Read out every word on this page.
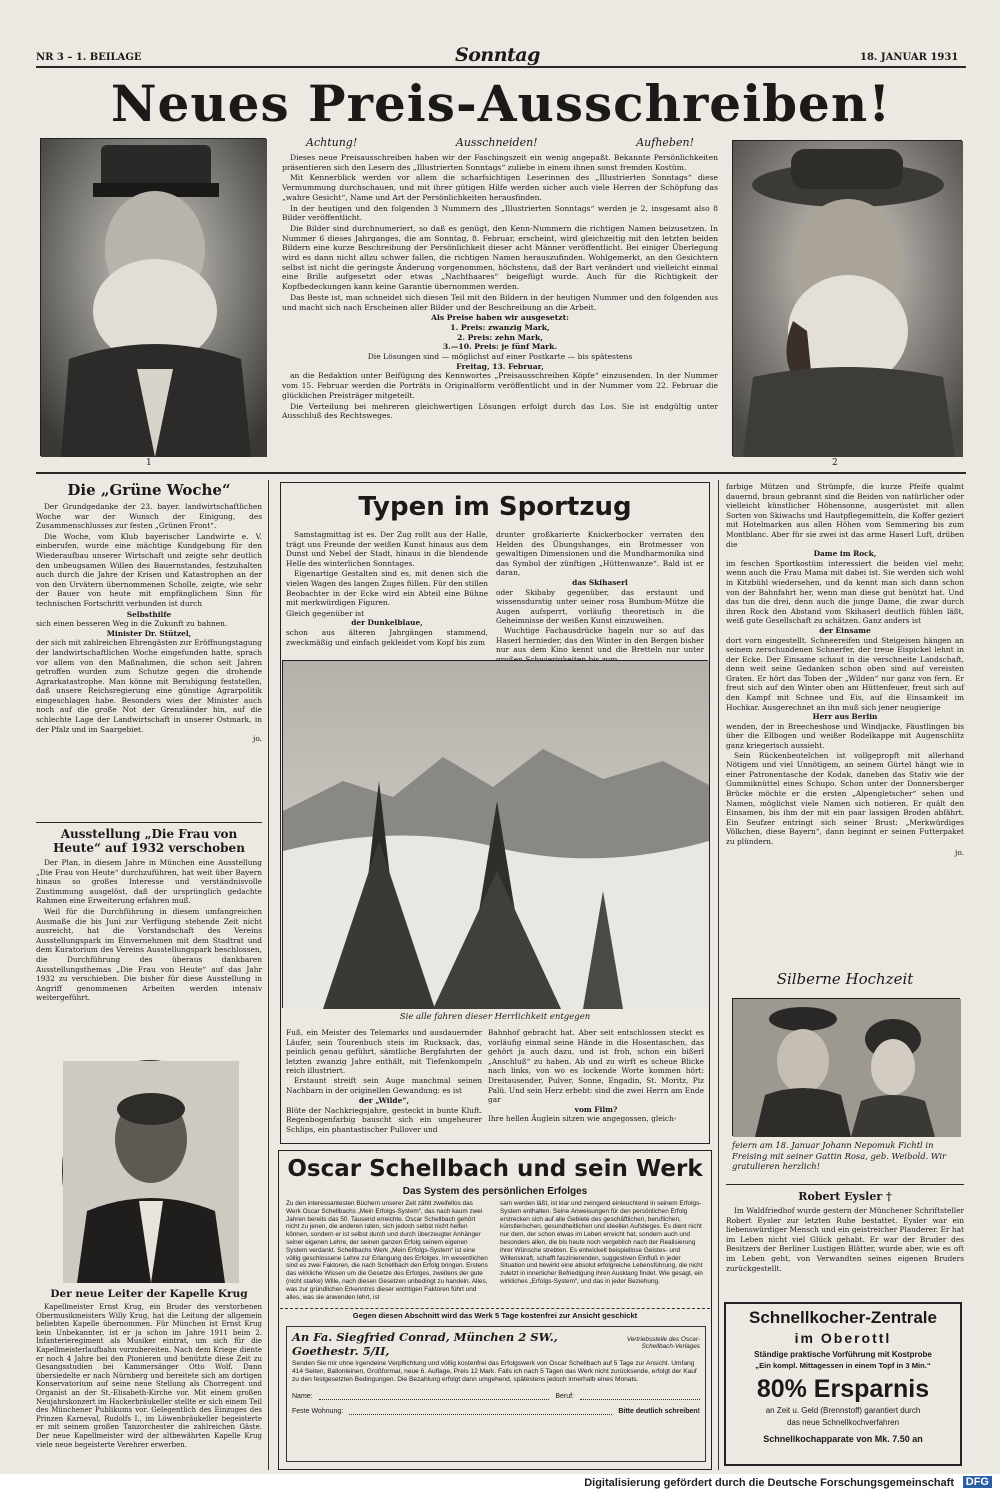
NR 3 – 1. BEILAGE	Sonntag	18. JANUAR 1931
Neues Preis-Ausschreiben!
1	2
Achtung!	Ausschneiden!	Aufheben!

Dieses neue Preisausschreiben haben wir der Faschingszeit ein wenig angepaßt. Bekannte Persönlichkeiten präsentieren sich den Lesern des „Illustrierten Sonntags“ zuliebe in einem ihnen sonst fremden Kostüm.

Mit Kennerblick werden vor allem die scharfsichtigen Leserinnen des „Illustrierten Sonntags“ diese Vermummung durchschauen, und mit ihrer gütigen Hilfe werden sicher auch viele Herren der Schöpfung das „wahre Gesicht“, Name und Art der Persönlichkeiten herausfinden.

In der heutigen und den folgenden 3 Nummern des „Illustrierten Sonntags“ werden je 2, insgesamt also 8 Bilder veröffentlicht.

Die Bilder sind durchnumeriert, so daß es genügt, den Kenn-Nummern die richtigen Namen beizusetzen. In Nummer 6 dieses Jahrganges, die am Sonntag, 8. Februar, erscheint, wird gleichzeitig mit den letzten beiden Bildern eine kurze Beschreibung der Persönlichkeit dieser acht Männer veröffentlicht. Bei einiger Überlegung wird es dann nicht allzu schwer fallen, die richtigen Namen herauszufinden. Wohlgemerkt, an den Gesichtern selbst ist nicht die geringste Änderung vorgenommen, höchstens, daß der Bart verändert und vielleicht einmal eine Brille aufgesetzt oder etwas „Nachthaares“ beigefügt wurde. Auch für die Richtigkeit der Kopfbedeckungen kann keine Garantie übernommen werden.

Das Beste ist, man schneidet sich diesen Teil mit den Bildern in der heutigen Nummer und den folgenden aus und macht sich nach Erscheinen aller Bilder und der Beschreibung an die Arbeit.

Als Preise haben wir ausgesetzt:
1. Preis: zwanzig Mark,
2. Preis: zehn Mark,
3.—10. Preis: je fünf Mark.
Die Lösungen sind — möglichst auf einer Postkarte — bis spätestens
Freitag, 13. Februar,

an die Redaktion unter Beifügung des Kennwortes „Preisausschreiben Köpfe“ einzusenden. In der Nummer vom 15. Februar werden die Porträts in Originalform veröffentlicht und in der Nummer vom 22. Februar die glücklichen Preisträger mitgeteilt.

Die Verteilung bei mehreren gleichwertigen Lösungen erfolgt durch das Los. Sie ist endgültig unter Ausschluß des Rechtsweges.

Die „Grüne Woche“

Der Grundgedanke der 23. bayer. landwirtschaftlichen Woche war der Wunsch der Einigung, des Zusammenschlusses zur festen „Grünen Front“.

Die Woche, vom Klub bayerischer Landwirte e. V. einberufen, wurde eine mächtige Kundgebung für den Wiederaufbau unserer Wirtschaft und zeigte sehr deutlich den unbeugsamen Willen des Bauernstandes, festzuhalten auch durch die Jahre der Krisen und Katastrophen an der von den Urvätern übernommenen Scholle, zeigte, wie sehr der Bauer von heute mit empfänglichem Sinn für technischen Fortschritt verbunden ist durch

Selbsthilfe
sich einen besseren Weg in die Zukunft zu bahnen.
Minister Dr. Stützel,
der sich mit zahlreichen Ehrengästen zur Eröffnungstagung der landwirtschaftlichen Woche eingefunden hatte, sprach vor allem von den Maßnahmen, die schon seit Jahren getroffen wurden zum Schutze gegen die drohende Agrarkatastrophe. Man könne mit Beruhigung feststellen, daß unsere Reichsregierung eine günstige Agrarpolitik eingeschlagen habe. Besonders wies der Minister auch noch auf die große Not der Grenzländer hin, auf die schlechte Lage der Landwirtschaft in unserer Ostmark, in der Pfalz und im Saargebiet.
jo.
Ausstellung „Die Frau von Heute“ auf 1932 verschoben

Der Plan, in diesem Jahre in München eine Ausstellung „Die Frau von Heute“ durchzuführen, hat weit über Bayern hinaus so großes Interesse und verständnisvolle Zustimmung ausgelöst, daß der ursprünglich gedachte Rahmen eine Erweiterung erfahren muß.

Weil für die Durchführung in diesem umfangreichen Ausmaße die bis Juni zur Verfügung stehende Zeit nicht ausreicht, hat die Vorstandschaft des Vereins Ausstellungspark im Einvernehmen mit dem Stadtrat und dem Kuratorium des Vereins Ausstellungspark beschlossen, die Durchführung des überaus dankbaren Ausstellungsthemas „Die Frau von Heute“ auf das Jahr 1932 zu verschieben. Die bisher für diese Ausstellung in Angriff genommenen Arbeiten werden intensiv weitergeführt.

Der neue Leiter der Kapelle Krug

Kapellmeister Ernst Krug, ein Bruder des verstorbenen Obermusikmeisters Willy Krug, hat die Leitung der allgemein beliebten Kapelle übernommen. Für München ist Ernst Krug kein Unbekannter, ist er ja schon im Jahre 1911 beim 2. Infanterieregiment als Musiker eintrat, um sich für die Kapellmeisterlaufbahn vorzubereiten. Nach dem Kriege diente er noch 4 Jahre bei den Pionieren und benützte diese Zeit zu Gesangsstudien bei Kammersänger Otto Wolf. Dann übersiedelte er nach Nürnberg und bereitete sich am dortigen Konservatorium auf seine neue Stellung als Chorregent und Organist an der St.-Elisabeth-Kirche vor. Mit einem großen Neujahrskonzert im Hackerbräukeller stellte er sich einem Teil des Münchener Publikums vor. Gelegentlich des Einzuges des Prinzen Karneval, Rudolfs I., im Löwenbräukeller begeisterte er mit seinem großen Tanzorchester die zahlreichen Gäste. Der neue Kapellmeister wird der altbewährten Kapelle Krug viele neue begeisterte Verehrer erwerben.

Typen im Sportzug

Samstagmittag ist es. Der Zug rollt aus der Halle, trägt uns Freunde der weißen Kunst hinaus aus dem Dunst und Nebel der Stadt, hinaus in die blendende Helle des winterlichen Sonntages.

Eigenartige Gestalten sind es, mit denen sich die vielen Wagen des langen Zuges füllen. Für den stillen Beobachter in der Ecke wird ein Abteil eine Bühne mit merkwürdigen Figuren.

Gleich gegenüber ist
der Dunkelblaue,
schon aus älteren Jahrgängen stammend, zweckmäßig und einfach gekleidet vom Kopf bis zum
drunter großkarierte Knickerbocker verraten den Helden des Übungshanges, ein Brotmesser von gewaltigen Dimensionen und die Mundharmonika sind das Symbol der zünftigen „Hüttenwanze“. Bald ist er daran,
das Skihaserl
oder Skibaby gegenüber, das erstaunt und wissensdurstig unter seiner rosa Bumbum-Mütze die Augen aufsperrt, vorläufig theoretisch in die Geheimnisse der weißen Kunst einzuweihen.

Wuchtige Fachausdrücke hageln nur so auf das Haserl hernieder, das den Winter in den Bergen bisher nur aus dem Kino kennt und die Bretteln nur unter

Sie alle fahren dieser Herrlichkeit entgegen
Fuß, ein Meister des Telemarks und ausdauernder Läufer, sein Tourenbuch steis im Rucksack, das, peinlich genau geführt, sämtliche Bergfahrten der letzten zwanzig Jahre enthält, mit Tiefenkompeln reich illustriert.

Erstaunt streift sein Auge manchmal seinen Nachbarn in der originellen Gewandung: es ist

der „Wilde“,
Blüte der Nachkriegsjahre, gesteckt in bunte Kluft. Regenbogenfarbig bauscht sich ein ungeheurer Schlips, ein phantastischer Pullover und
Bahnhof gebracht hat. Aber seit entschlossen steckt es vorläufig einmal seine Hände in die Hosentaschen, das gehört ja auch dazu, und ist froh, schon ein bißerl „Anschluß“ zu haben. Ab und zu wirft es scheue Blicke nach links, von wo es lockende Worte kommen hört: Dreitausender, Pulver, Sonne, Engadin, St. Moritz, Piz Palü. Und sein Herz erbebt: sind die zwei Herrn am Ende gar
vom Film?
Ihre hellen Äuglein sitzen wie angegossen, gleich-
farbige Mützen und Strümpfe, die kurze Pfeife qualmt dauernd, braun gebrannt sind die Beiden von natürlicher oder vielleicht künstlicher Höhensonne, ausgerüstet mit allen Sorten von Skiwachs und Hautpflegemitteln, die Koffer geziert mit Hotelmarken aus allen Höhen vom Semmering bis zum Montblanc. Aber für sie zwei ist das arme Haserl Luft, drüben die
Dame im Rock,
im feschen Sportkostüm interessiert die beiden viel mehr, wenn auch die Frau Mama mit dabei ist. Sie werden sich wohl in Kitzbühl wiedersehen, und da kennt man sich dann schon von der Bahnfahrt her, wenn man diese gut benützt hat. Und das tun die drei, denn auch die junge Dame, die zwar durch ihren Rock den Abstand vom Skihaserl deutlich fühlen läßt, weiß gute Gesellschaft zu schätzen. Ganz anders ist
der Einsame
dort vorn eingestellt. Schneereifen und Steigeisen hängen an seinem zerschundenen Schnerfer, der treue Eispickel lehnt in der Ecke. Der Einsame schaut in die verschneite Landschaft, denn weit seine Gedanken schon oben sind auf vereisten Graten. Er hört das Toben der „Wilden“ nur ganz von fern. Er freut sich auf den Winter oben am Hüttenfeuer, freut sich auf den Kampf mit Schnee und Eis, auf die Einsamkeit im Hochkar. Ausgerechnet an ihn muß sich jener neugierige
Herr aus Berlin
wenden, der in Breecheshose und Windjacke, Fäustlingen bis über die Ellbogen und weißer Rodelkappe mit Augenschlitz ganz kriegerisch aussieht.

Sein Rückenbeutelchen ist vollgepropft mit allerhand Nötigem und viel Unnötigem, an seinem Gürtel hängt wie in einer Patronentasche der Kodak, daneben das Stativ wie der Gummiknüttel eines Schupo. Schon unter der Donnersberger Brücke möchte er die ersten „Alpengletscher“ sehen und Namen, möglichst viele Namen sich notieren. Er quält den Einsamen, bis ihm der mit ein paar lassigen Broden abfährt. Ein Seufzer entringt sich seiner Brust: „Merkwürdiges Völkchen, diese Bayern“, dann beginnt er seinen Futterpaket zu plündern.

jo.
Silberne Hochzeit
feiern am 18. Januar Johann Nepomuk Fichtl in Freising mit seiner Gattin Rosa, geb. Weibold. Wir gratulieren herzlich!
Robert Eysler †

Im Waldfriedhof wurde gestern der Münchener Schriftsteller Robert Eysler zur letzten Ruhe bestattet. Eysler war ein liebenswürdiger Mensch und ein geistreicher Plauderer. Er hat im Leben nicht viel Glück gehabt. Er war der Bruder des Besitzers der Berliner Lustigen Blätter, wurde aber, wie es oft im Leben geht, von Verwandten seines eigenen Bruders zurückgestellt.

Oscar Schellbach und sein Werk
Das System des persönlichen Erfolges
Zu den interessantesten Büchern unserer Zeit zählt zweifellos das Werk Oscar Schellbachs „Mein Erfolgs-System“, das nach kaum zwei Jahren bereits das 50. Tausend erreichte. Oscar Schellbach gehört nicht zu jenen, die anderen raten, sich jedoch selbst nicht helfen können, sondern er ist selbst durch und durch überzeugter Anhänger seiner eigenen Lehre, der seinen ganzen Erfolg seinem eigenen System verdankt. Schellbachs Werk „Mein Erfolgs-System“ ist eine völlig geschlossene Lehre zur Erlangung des Erfolges. Im wesentlichen sind es zwei Faktoren, die nach Schellbach den Erfolg bringen. Erstens das wirkliche Wissen um die Gesetze des Erfolges, zweitens der gute (nicht starke) Wille, nach diesen Gesetzen unbedingt zu handeln. Alles, was zur gründlichen Erkenntnis dieser wichtigen Faktoren führt und alles, was sie anwenden lehrt, ist
sam werden läßt, ist klar und zwingend einleuchtend in seinem Erfolgs-System enthalten. Seine Anweisungen für den persönlichen Erfolg erstrecken sich auf alle Gebiete des geschäftlichen, beruflichen, künstlerischen, gesundheitlichen und ideellen Aufstieges. Es dient nicht nur dem, der schon etwas im Leben erreicht hat, sondern auch und besonders allen, die bis heute noch vergeblich nach der Realisierung ihrer Wünsche strebten. Es entwickelt beispiellose Geistes- und Willenskraft, schafft faszinierenden, suggestiven Einfluß in jeder Situation und bewirkt eine absolut erfolgreiche Lebensführung, die nicht zuletzt in innerlicher Befriedigung ihren Ausklang findet. Wie gesagt, ein wirkliches „Erfolgs-System“, und das in jeder Beziehung.
Gegen diesen Abschnitt wird das Werk 5 Tage kostenfrei zur Ansicht geschickt
An Fa. Siegfried Conrad, München 2 SW., Goethestr. 5/II,
Vertriebsstelle des Oscar-Schellbach-Verlages
Senden Sie mir ohne irgendeine Verpflichtung und völlig kostenfrei das Erfolgswerk von Oscar Schellbach auf 5 Tage zur Ansicht. Umfang 414 Seiten, Ballonleinen, Großformat, neue 6. Auflage, Preis 12 Mark. Falls ich nach 5 Tagen das Werk nicht zurücksende, erfolgt der Kauf zu den festgesetzten Bedingungen. Die Bezahlung erfolgt dann umgehend, spätestens jedoch innerhalb eines Monats.
Name:	Beruf:
Feste Wohnung:	Bitte deutlich schreiben!
Schnellkocher-Zentrale
im Oberottl
Ständige praktische Vorführung mit Kostprobe
„Ein kompl. Mittagessen in einem Topf in 3 Min.“
80% Ersparnis
an Zeit u. Geld (Brennstoff) garantiert durch
das neue Schnellkochverfahren
Schnellkochapparate von Mk. 7.50 an
Digitalisierung gefördert durch die Deutsche Forschungsgemeinschaft DFG
